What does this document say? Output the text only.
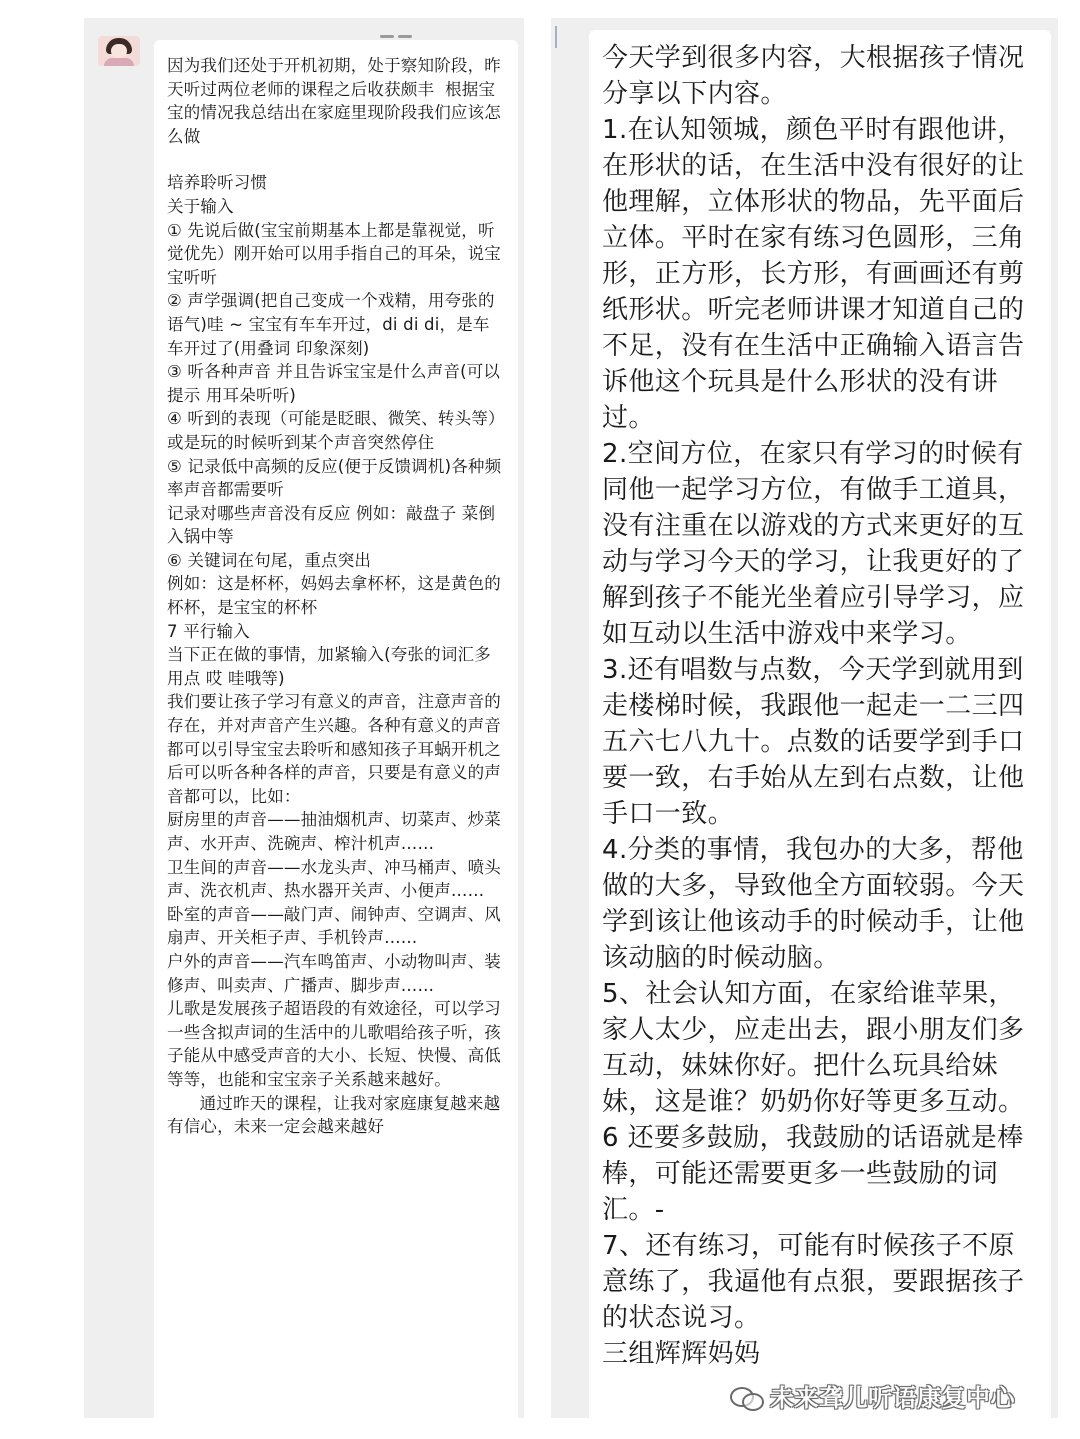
因为我们还处于开机初期，处于察知阶段，昨天听过两位老师的课程之后收获颇丰  根据宝宝的情况我总结出在家庭里现阶段我们应该怎么做

培养聆听习惯

关于输入

① 先说后做(宝宝前期基本上都是靠视觉，听觉优先）刚开始可以用手指自己的耳朵，说宝宝听听

② 声学强调(把自己变成一个戏精，用夸张的语气)哇 ~ 宝宝有车车开过，di di di，是车车开过了(用叠词 印象深刻)

③ 听各种声音 并且告诉宝宝是什么声音(可以提示 用耳朵听听)

④ 听到的表现（可能是眨眼、微笑、转头等）或是玩的时候听到某个声音突然停住

⑤ 记录低中高频的反应(便于反馈调机)各种频率声音都需要听

记录对哪些声音没有反应 例如：敲盘子 菜倒入锅中等

⑥ 关键词在句尾，重点突出

例如：这是杯杯，妈妈去拿杯杯，这是黄色的杯杯，是宝宝的杯杯

7 平行输入

当下正在做的事情，加紧输入(夸张的词汇多用点 哎 哇哦等)

我们要让孩子学习有意义的声音，注意声音的存在，并对声音产生兴趣。各种有意义的声音都可以引导宝宝去聆听和感知孩子耳蜗开机之后可以听各种各样的声音，只要是有意义的声音都可以，比如：

厨房里的声音——抽油烟机声、切菜声、炒菜声、水开声、洗碗声、榨汁机声……

卫生间的声音——水龙头声、冲马桶声、喷头声、洗衣机声、热水器开关声、小便声……

卧室的声音——敲门声、闹钟声、空调声、风扇声、开关柜子声、手机铃声……

户外的声音——汽车鸣笛声、小动物叫声、装修声、叫卖声、广播声、脚步声……

儿歌是发展孩子超语段的有效途径，可以学习一些含拟声词的生活中的儿歌唱给孩子听，孩子能从中感受声音的大小、长短、快慢、高低等等，也能和宝宝亲子关系越来越好。

通过昨天的课程，让我对家庭康复越来越有信心，未来一定会越来越好

今天学到很多内容，大根据孩子情况分享以下内容。

1.在认知领城，颜色平时有跟他讲，在形状的话，在生活中没有很好的让他理解，立体形状的物品，先平面后立体。平时在家有练习色圆形，三角形，正方形，长方形，有画画还有剪纸形状。听完老师讲课才知道自己的不足，没有在生活中正确输入语言告诉他这个玩具是什么形状的没有讲过。

2.空间方位，在家只有学习的时候有同他一起学习方位，有做手工道具，没有注重在以游戏的方式来更好的互动与学习今天的学习，让我更好的了解到孩子不能光坐着应引导学习，应如互动以生活中游戏中来学习。

3.还有唱数与点数，今天学到就用到走楼梯时候，我跟他一起走一二三四五六七八九十。点数的话要学到手口要一致，右手始从左到右点数，让他手口一致。

4.分类的事情，我包办的大多，帮他做的大多，导致他全方面较弱。今天学到该让他该动手的时候动手，让他该动脑的时候动脑。

5、社会认知方面，在家给谁苹果，家人太少，应走出去，跟小朋友们多互动，妹妹你好。把什么玩具给妹妹，这是谁？奶奶你好等更多互动。

6 还要多鼓励，我鼓励的话语就是棒棒，可能还需要更多一些鼓励的词汇。-

7、还有练习，可能有时候孩子不原意练了，我逼他有点狠，要跟据孩子的状态说习。

三组辉辉妈妈

未来聋儿听语康复中心
